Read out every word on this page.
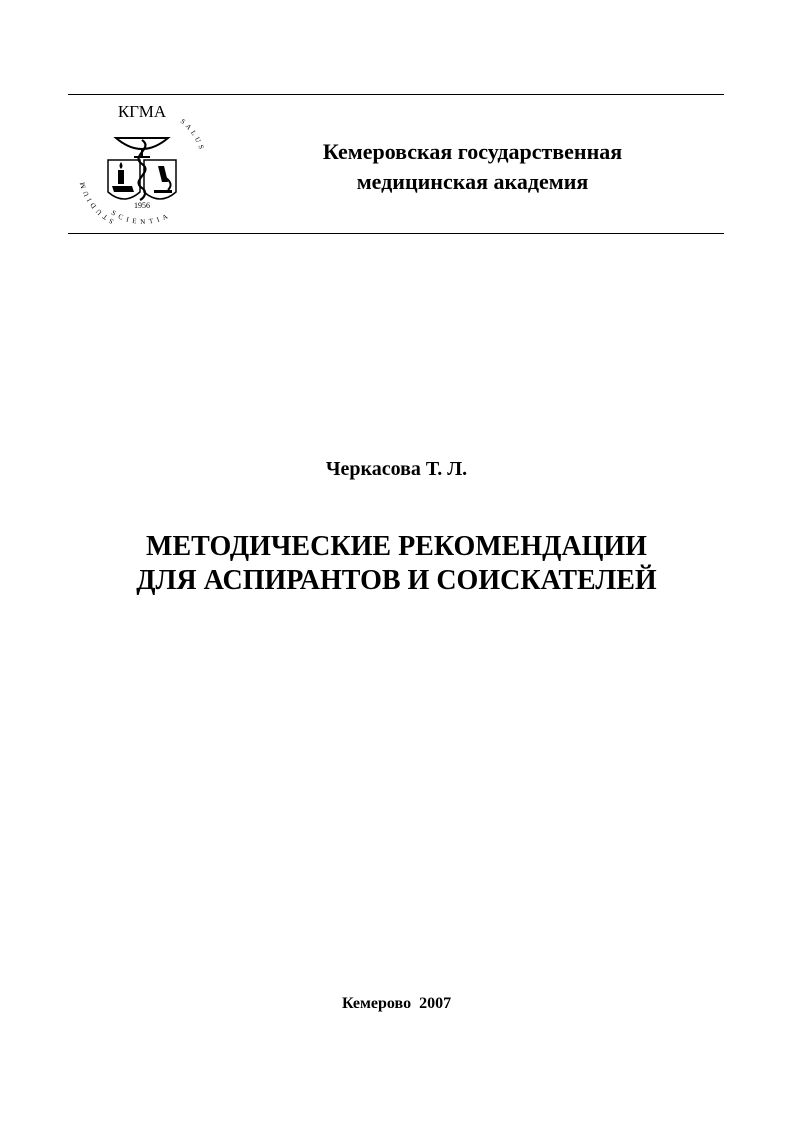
КГМА
STUDIUM
SALUS
SCIENTIA
1956
Кемеровская государственная
медицинская академия
Черкасова Т. Л.
МЕТОДИЧЕСКИЕ РЕКОМЕНДАЦИИ
ДЛЯ АСПИРАНТОВ И СОИСКАТЕЛЕЙ
Кемерово  2007
